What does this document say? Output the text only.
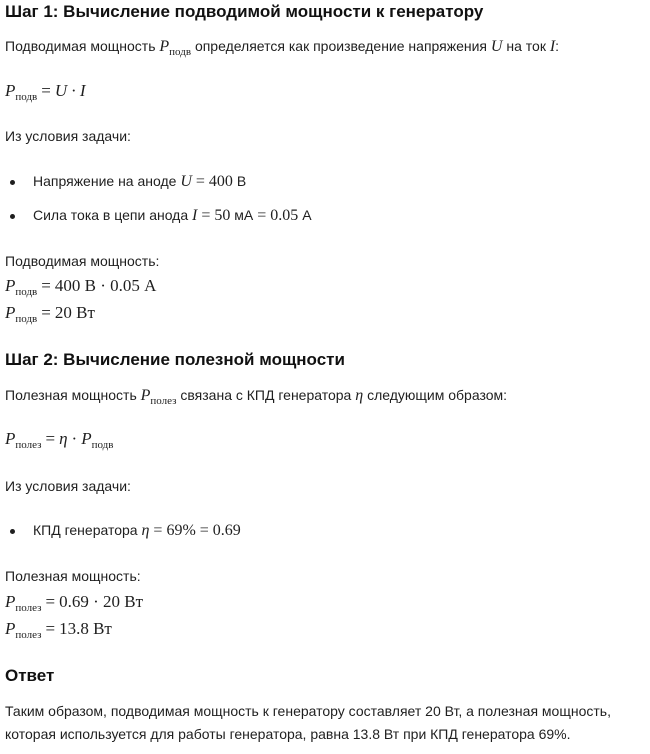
Шаг 1: Вычисление подводимой мощности к генератору
Подводимая мощность $P_{подв}$ определяется как произведение напряжения U на ток I:
$P_{подв} = U \cdot I$
Из условия задачи:
Напряжение на аноде U = 400 В
Сила тока в цепи анода I = 50 мА = 0.05 А
Подводимая мощность:
$P_{подв} = 400$ В · 0.05 А
$P_{подв} = 20$ Вт
Шаг 2: Вычисление полезной мощности
Полезная мощность $P_{полез}$ связана с КПД генератора η следующим образом:
$P_{полез} = \eta \cdot P_{подв}$
Из условия задачи:
КПД генератора η = 69% = 0.69
Полезная мощность:
$P_{полез} = 0.69 \cdot 20$ Вт
$P_{полез} = 13.8$ Вт
Ответ
Таким образом, подводимая мощность к генератору составляет 20 Вт, а полезная мощность, которая используется для работы генератора, равна 13.8 Вт при КПД генератора 69%.
